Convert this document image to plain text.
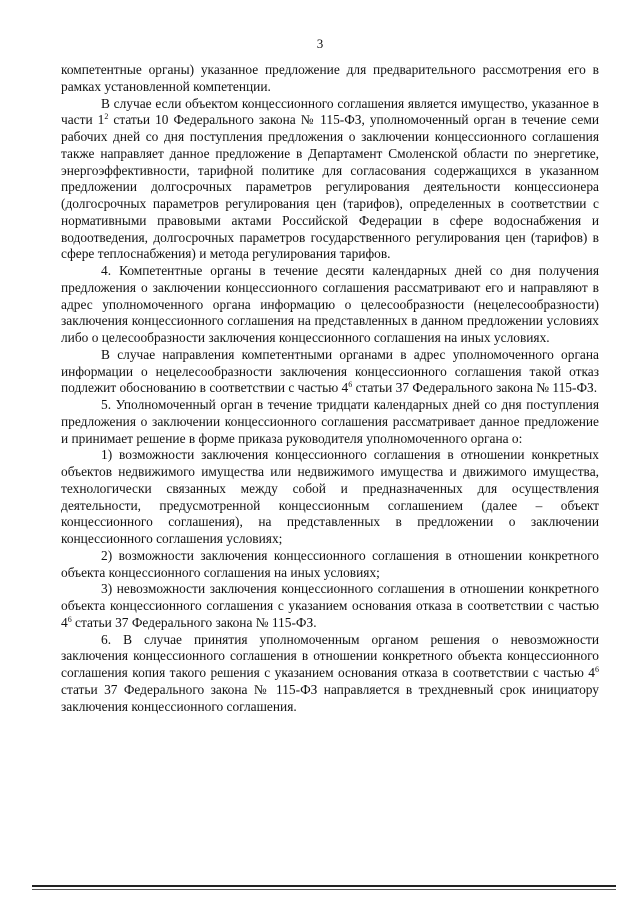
3

компетентные органы) указанное предложение для предварительного рассмотрения его в рамках установленной компетенции.

В случае если объектом концессионного соглашения является имущество, указанное в части $1^2$ статьи 10 Федерального закона № 115-ФЗ, уполномоченный орган в течение семи рабочих дней со дня поступления предложения о заключении концессионного соглашения также направляет данное предложение в Департамент Смоленской области по энергетике, энергоэффективности, тарифной политике для согласования содержащихся в указанном предложении долгосрочных параметров регулирования деятельности концессионера (долгосрочных параметров регулирования цен (тарифов), определенных в соответствии с нормативными правовыми актами Российской Федерации в сфере водоснабжения и водоотведения, долгосрочных параметров государственного регулирования цен (тарифов) в сфере теплоснабжения) и метода регулирования тарифов.

4. Компетентные органы в течение десяти календарных дней со дня получения предложения о заключении концессионного соглашения рассматривают его и направляют в адрес уполномоченного органа информацию о целесообразности (нецелесообразности) заключения концессионного соглашения на представленных в данном предложении условиях либо о целесообразности заключения концессионного соглашения на иных условиях.

В случае направления компетентными органами в адрес уполномоченного органа информации о нецелесообразности заключения концессионного соглашения такой отказ подлежит обоснованию в соответствии с частью $4^6$ статьи 37 Федерального закона № 115-ФЗ.

5. Уполномоченный орган в течение тридцати календарных дней со дня поступления предложения о заключении концессионного соглашения рассматривает данное предложение и принимает решение в форме приказа руководителя уполномоченного органа о:

1) возможности заключения концессионного соглашения в отношении конкретных объектов недвижимого имущества или недвижимого имущества и движимого имущества, технологически связанных между собой и предназначенных для осуществления деятельности, предусмотренной концессионным соглашением (далее – объект концессионного соглашения), на представленных в предложении о заключении концессионного соглашения условиях;

2) возможности заключения концессионного соглашения в отношении конкретного объекта концессионного соглашения на иных условиях;

3) невозможности заключения концессионного соглашения в отношении конкретного объекта концессионного соглашения с указанием основания отказа в соответствии с частью $4^6$ статьи 37 Федерального закона № 115-ФЗ.

6. В случае принятия уполномоченным органом решения о невозможности заключения концессионного соглашения в отношении конкретного объекта концессионного соглашения копия такого решения с указанием основания отказа в соответствии с частью $4^6$ статьи 37 Федерального закона № 115-ФЗ направляется в трехдневный срок инициатору заключения концессионного соглашения.
